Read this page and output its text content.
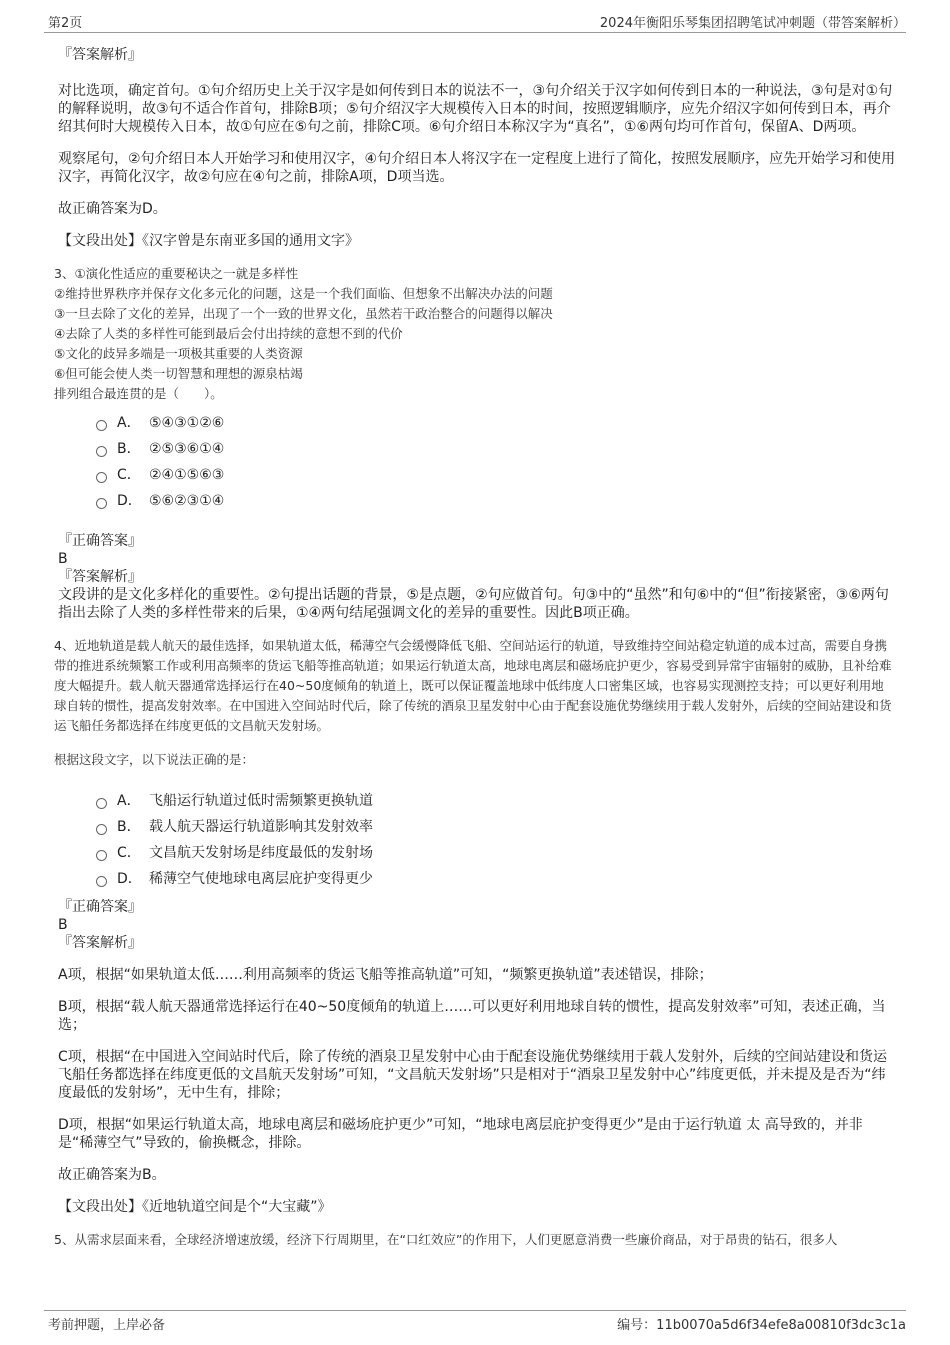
第2页	2024年衡阳乐琴集团招聘笔试冲刺题（带答案解析）

『答案解析』

对比选项，确定首句。①句介绍历史上关于汉字是如何传到日本的说法不一，③句介绍关于汉字如何传到日本的一种说法，③句是对①句的解释说明，故③句不适合作首句，排除B项；⑤句介绍汉字大规模传入日本的时间，按照逻辑顺序，应先介绍汉字如何传到日本，再介绍其何时大规模传入日本，故①句应在⑤句之前，排除C项。⑥句介绍日本称汉字为“真名”，①⑥两句均可作首句，保留A、D两项。

观察尾句，②句介绍日本人开始学习和使用汉字，④句介绍日本人将汉字在一定程度上进行了简化，按照发展顺序，应先开始学习和使用汉字，再简化汉字，故②句应在④句之前，排除A项，D项当选。

故正确答案为D。

【文段出处】《汉字曾是东南亚多国的通用文字》

3、①演化性适应的重要秘诀之一就是多样性

②维持世界秩序并保存文化多元化的问题，这是一个我们面临、但想象不出解决办法的问题

③一旦去除了文化的差异，出现了一个一致的世界文化，虽然若干政治整合的问题得以解决

④去除了人类的多样性可能到最后会付出持续的意想不到的代价

⑤文化的歧异多端是一项极其重要的人类资源

⑥但可能会使人类一切智慧和理想的源泉枯竭

排列组合最连贯的是（　　）。

A． ⑤④③①②⑥
B． ②⑤③⑥①④
C． ②④①⑤⑥③
D． ⑤⑥②③①④

『正确答案』

B

『答案解析』

文段讲的是文化多样化的重要性。②句提出话题的背景，⑤是点题，②句应做首句。句③中的“虽然”和句⑥中的“但”衔接紧密，③⑥两句指出去除了人类的多样性带来的后果，①④两句结尾强调文化的差异的重要性。因此B项正确。

4、近地轨道是载人航天的最佳选择，如果轨道太低，稀薄空气会缓慢降低飞船、空间站运行的轨道，导致维持空间站稳定轨道的成本过高，需要自身携带的推进系统频繁工作或利用高频率的货运飞船等推高轨道；如果运行轨道太高，地球电离层和磁场庇护更少，容易受到异常宇宙辐射的威胁，且补给难度大幅提升。载人航天器通常选择运行在40~50度倾角的轨道上，既可以保证覆盖地球中低纬度人口密集区域，也容易实现测控支持；可以更好利用地球自转的惯性，提高发射效率。在中国进入空间站时代后，除了传统的酒泉卫星发射中心由于配套设施优势继续用于载人发射外，后续的空间站建设和货运飞船任务都选择在纬度更低的文昌航天发射场。

根据这段文字，以下说法正确的是：

A． 飞船运行轨道过低时需频繁更换轨道
B． 载人航天器运行轨道影响其发射效率
C． 文昌航天发射场是纬度最低的发射场
D． 稀薄空气使地球电离层庇护变得更少

『正确答案』

B

『答案解析』

A项，根据“如果轨道太低……利用高频率的货运飞船等推高轨道”可知，“频繁更换轨道”表述错误，排除；

B项，根据“载人航天器通常选择运行在40~50度倾角的轨道上……可以更好利用地球自转的惯性，提高发射效率”可知，表述正确，当选；

C项，根据“在中国进入空间站时代后，除了传统的酒泉卫星发射中心由于配套设施优势继续用于载人发射外，后续的空间站建设和货运飞船任务都选择在纬度更低的文昌航天发射场”可知，“文昌航天发射场”只是相对于“酒泉卫星发射中心”纬度更低，并未提及是否为“纬度最低的发射场”，无中生有，排除；

D项，根据“如果运行轨道太高，地球电离层和磁场庇护更少”可知，“地球电离层庇护变得更少”是由于运行轨道 太 高导致的，并非是“稀薄空气”导致的，偷换概念，排除。

故正确答案为B。

【文段出处】《近地轨道空间是个“大宝藏”》

5、从需求层面来看，全球经济增速放缓，经济下行周期里，在“口红效应”的作用下，人们更愿意消费一些廉价商品，对于昂贵的钻石，很多人

考前押题，上岸必备	编号：11b0070a5d6f34efe8a00810f3dc3c1a
